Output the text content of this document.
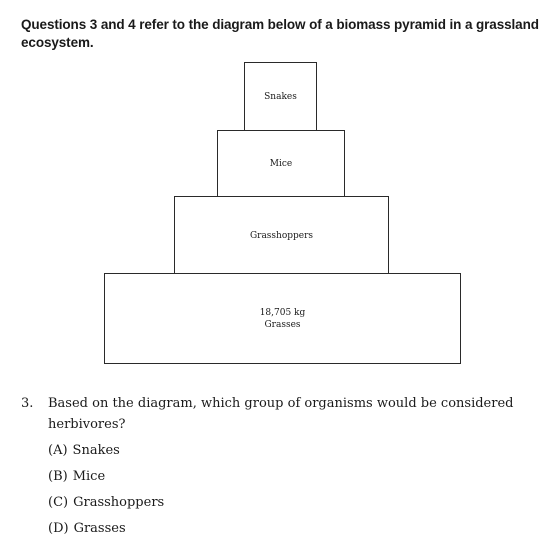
Questions 3 and 4 refer to the diagram below of a biomass pyramid in a grassland ecosystem.
Snakes
Mice
Grasshoppers
18,705 kg
Grasses
3.	Based on the diagram, which group of organisms would be considered herbivores?
(A) Snakes
(B) Mice
(C) Grasshoppers
(D) Grasses
